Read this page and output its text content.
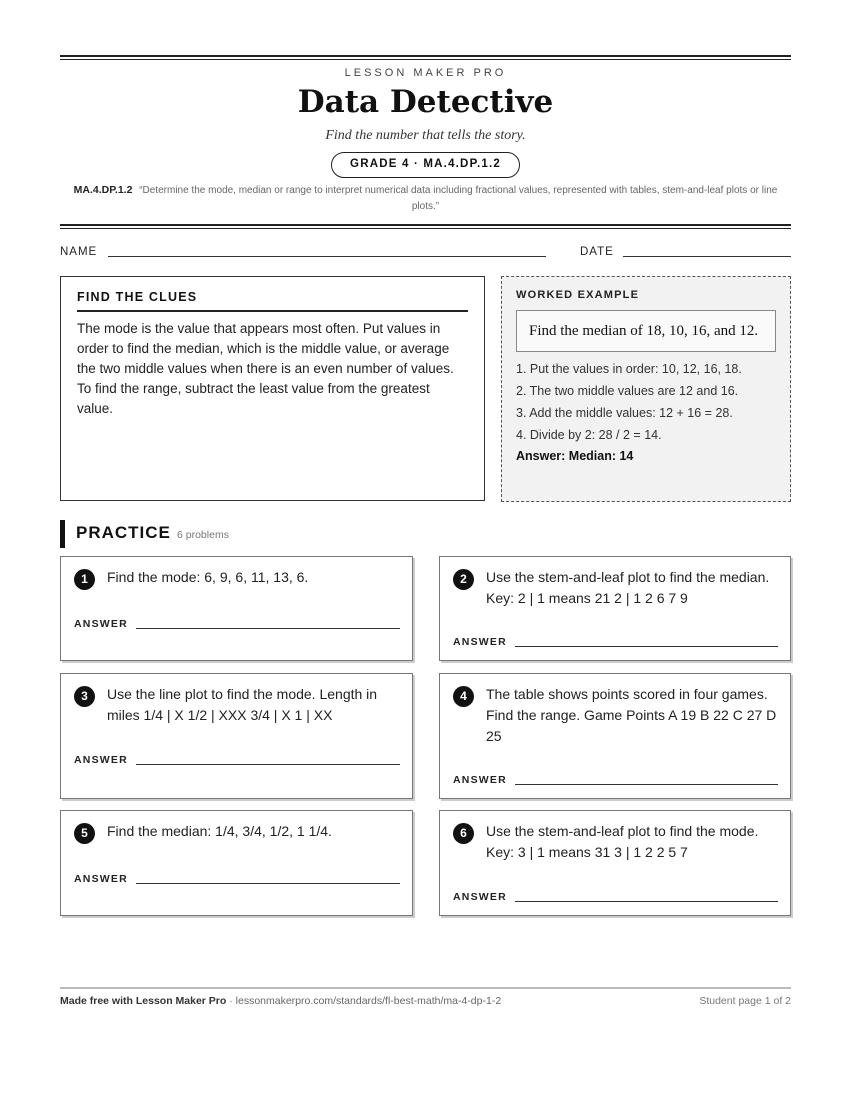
LESSON MAKER PRO
Data Detective
Find the number that tells the story.
GRADE 4 · MA.4.DP.1.2
MA.4.DP.1.2 “Determine the mode, median or range to interpret numerical data including fractional values, represented with tables, stem-and-leaf plots or line plots.”
NAME	DATE
FIND THE CLUES
The mode is the value that appears most often. Put values in order to find the median, which is the middle value, or average the two middle values when there is an even number of values. To find the range, subtract the least value from the greatest value.
WORKED EXAMPLE
Find the median of 18, 10, 16, and 12.
1. Put the values in order: 10, 12, 16, 18.
2. The two middle values are 12 and 16.
3. Add the middle values: 12 + 16 = 28.
4. Divide by 2: 28 / 2 = 14.
Answer: Median: 14
PRACTICE 6 problems
1	Find the mode: 6, 9, 6, 11, 13, 6.
ANSWER
2	Use the stem-and-leaf plot to find the median. Key: 2 | 1 means 21 2 | 1 2 6 7 9
ANSWER
3	Use the line plot to find the mode. Length in miles 1/4 | X 1/2 | XXX 3/4 | X 1 | XX
ANSWER
4	The table shows points scored in four games. Find the range. Game Points A 19 B 22 C 27 D 25
ANSWER
5	Find the median: 1/4, 3/4, 1/2, 1 1/4.
ANSWER
6	Use the stem-and-leaf plot to find the mode. Key: 3 | 1 means 31 3 | 1 2 2 5 7
ANSWER
Made free with Lesson Maker Pro · lessonmakerpro.com/standards/fl-best-math/ma-4-dp-1-2	Student page 1 of 2
